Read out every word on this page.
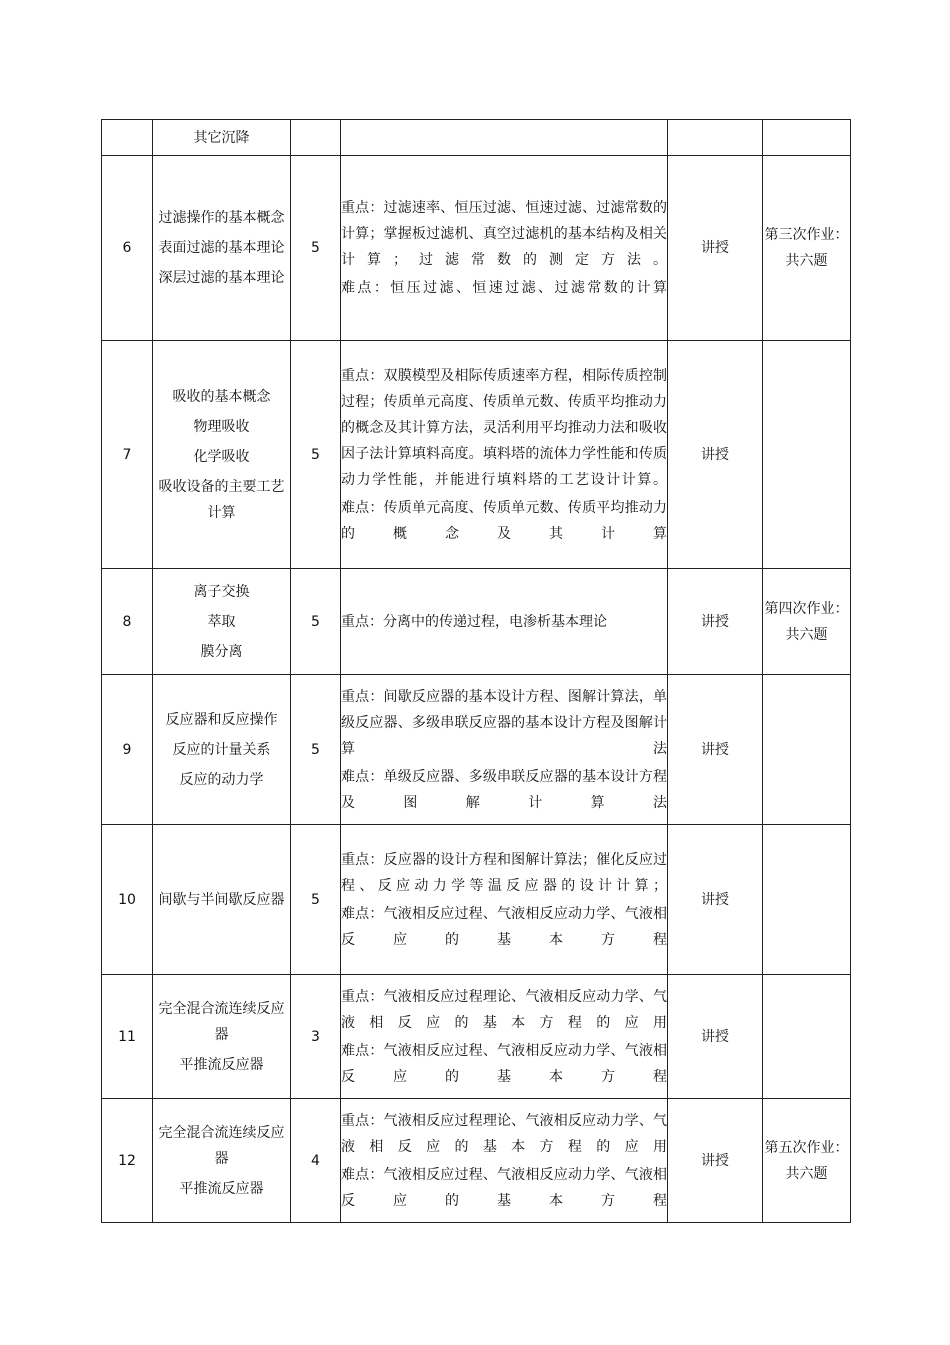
	其它沉降				

6	过滤操作的基本概念
表面过滤的基本理论
深层过滤的基本理论	5	重点：过滤速率、恒压过滤、恒速过滤、过滤常数的计算；掌握板过滤机、真空过滤机的基本结构及相关计算；过滤常数的测定方法。
难点：恒压过滤、恒速过滤、过滤常数的计算	讲授	第三次作业：共六题
7	吸收的基本概念
物理吸收
化学吸收
吸收设备的主要工艺计算	5	重点：双膜模型及相际传质速率方程，相际传质控制过程；传质单元高度、传质单元数、传质平均推动力的概念及其计算方法，灵活利用平均推动力法和吸收因子法计算填料高度。填料塔的流体力学性能和传质动力学性能，并能进行填料塔的工艺设计计算。
难点：传质单元高度、传质单元数、传质平均推动力的概念及其计算	讲授	
8	离子交换
萃取
膜分离	5	重点：分离中的传递过程，电渗析基本理论	讲授	第四次作业：共六题
9	反应器和反应操作
反应的计量关系
反应的动力学	5	重点：间歇反应器的基本设计方程、图解计算法，单级反应器、多级串联反应器的基本设计方程及图解计算法
难点：单级反应器、多级串联反应器的基本设计方程及图解计算法	讲授	
10	间歇与半间歇反应器	5	重点：反应器的设计方程和图解计算法；催化反应过程、反应动力学等温反应器的设计计算；
难点：气液相反应过程、气液相反应动力学、气液相反应的基本方程	讲授	
11	完全混合流连续反应器
平推流反应器	3	重点：气液相反应过程理论、气液相反应动力学、气液相反应的基本方程的应用
难点：气液相反应过程、气液相反应动力学、气液相反应的基本方程	讲授	
12	完全混合流连续反应器
平推流反应器	4	重点：气液相反应过程理论、气液相反应动力学、气液相反应的基本方程的应用
难点：气液相反应过程、气液相反应动力学、气液相反应的基本方程	讲授	第五次作业：共六题
